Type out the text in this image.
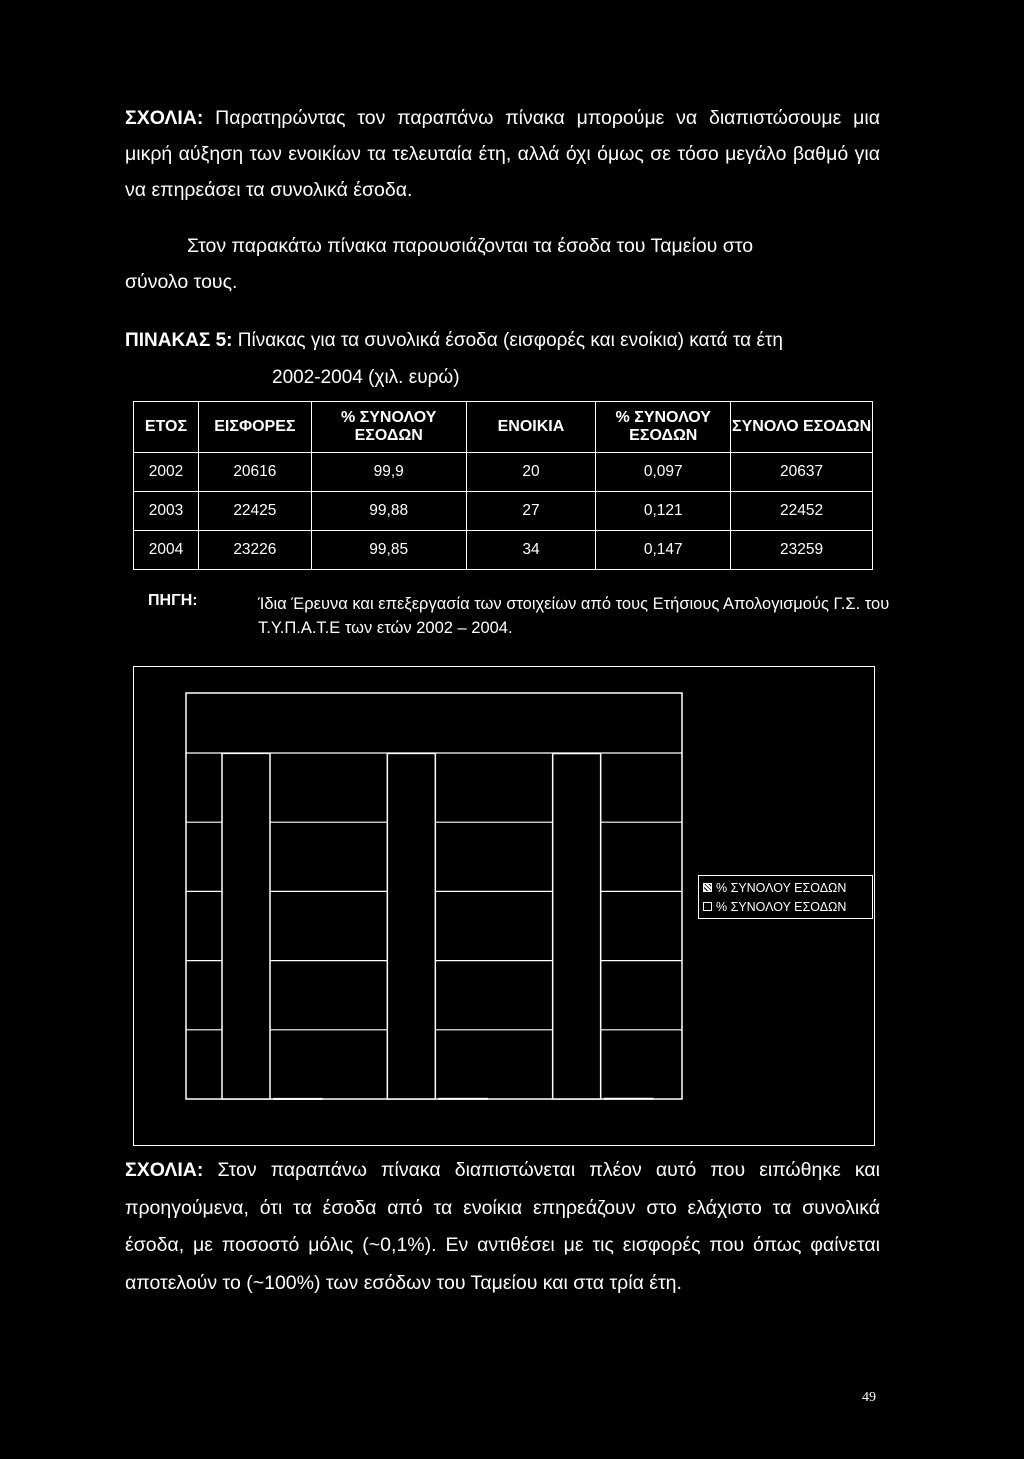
ΣΧΟΛΙΑ: Παρατηρώντας τον παραπάνω πίνακα μπορούμε να διαπιστώσουμε μια μικρή αύξηση των ενοικίων τα τελευταία έτη, αλλά όχι όμως σε τόσο μεγάλο βαθμό για να επηρεάσει τα συνολικά έσοδα.

Στον παρακάτω πίνακα παρουσιάζονται τα έσοδα του Ταμείου στο
σύνολο τους.

ΠΙΝΑΚΑΣ 5: Πίνακας για τα συνολικά έσοδα (εισφορές και ενοίκια) κατά τα έτη
2002-2004 (χιλ. ευρώ)
ΕΤΟΣ	ΕΙΣΦΟΡΕΣ	% ΣΥΝΟΛΟΥ ΕΣΟΔΩΝ	ΕΝΟΙΚΙΑ	% ΣΥΝΟΛΟΥ ΕΣΟΔΩΝ	ΣΥΝΟΛΟ ΕΣΟΔΩΝ
2002	20616	99,9	20	0,097	20637
2003	22425	99,88	27	0,121	22452
2004	23226	99,85	34	0,147	23259
ΠΗΓΗ:	Ίδια Έρευνα και επεξεργασία των στοιχείων από τους Ετήσιους Απολογισμούς Γ.Σ. του Τ.Υ.Π.Α.Τ.Ε των ετών 2002 – 2004.
% ΣΥΝΟΛΟΥ ΕΣΟΔΩΝ
% ΣΥΝΟΛΟΥ ΕΣΟΔΩΝ

ΣΧΟΛΙΑ: Στον παραπάνω πίνακα διαπιστώνεται πλέον αυτό που ειπώθηκε και προηγούμενα, ότι τα έσοδα από τα ενοίκια επηρεάζουν στο ελάχιστο τα συνολικά έσοδα, με ποσοστό μόλις (~0,1%). Εν αντιθέσει με τις εισφορές που όπως φαίνεται αποτελούν το (~100%) των εσόδων του Ταμείου και στα τρία έτη.

49
